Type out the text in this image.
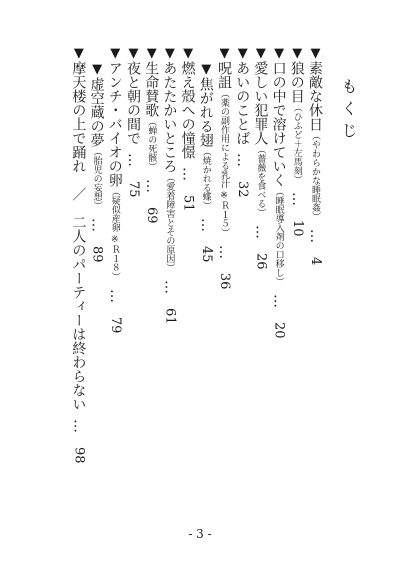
もくじ
▼素敵な休日（やわらかな睡眠姦）…　4
▼狼の目（ひふど＋左馬刻）…　10
▼口の中で溶けていく（睡眠導入剤の口移し）…　20
▼愛しい犯罪人（薔薇を食べる）…　26
▼あいのことば…　32
▼呪詛（薬の副作用による乳汁 ※Ｒ１５）…　36
▼焦がれる翅（焼かれる蝶）…　45
▼燃え殻への憧憬…　51
▼あたたかいところ（愛着障害とその原因）…　61
▼生命賛歌（蝉の死骸）…　69
▼夜と朝の間で…　75
▼アンチ・バイオの卵（疑似産卵 ※Ｒ１８）…　79
▼虚空蔵の夢（胎児の妄想）…　89
▼摩天楼の上で踊れ　／　二人のパーティーは終わらない…　98
- 3 -
